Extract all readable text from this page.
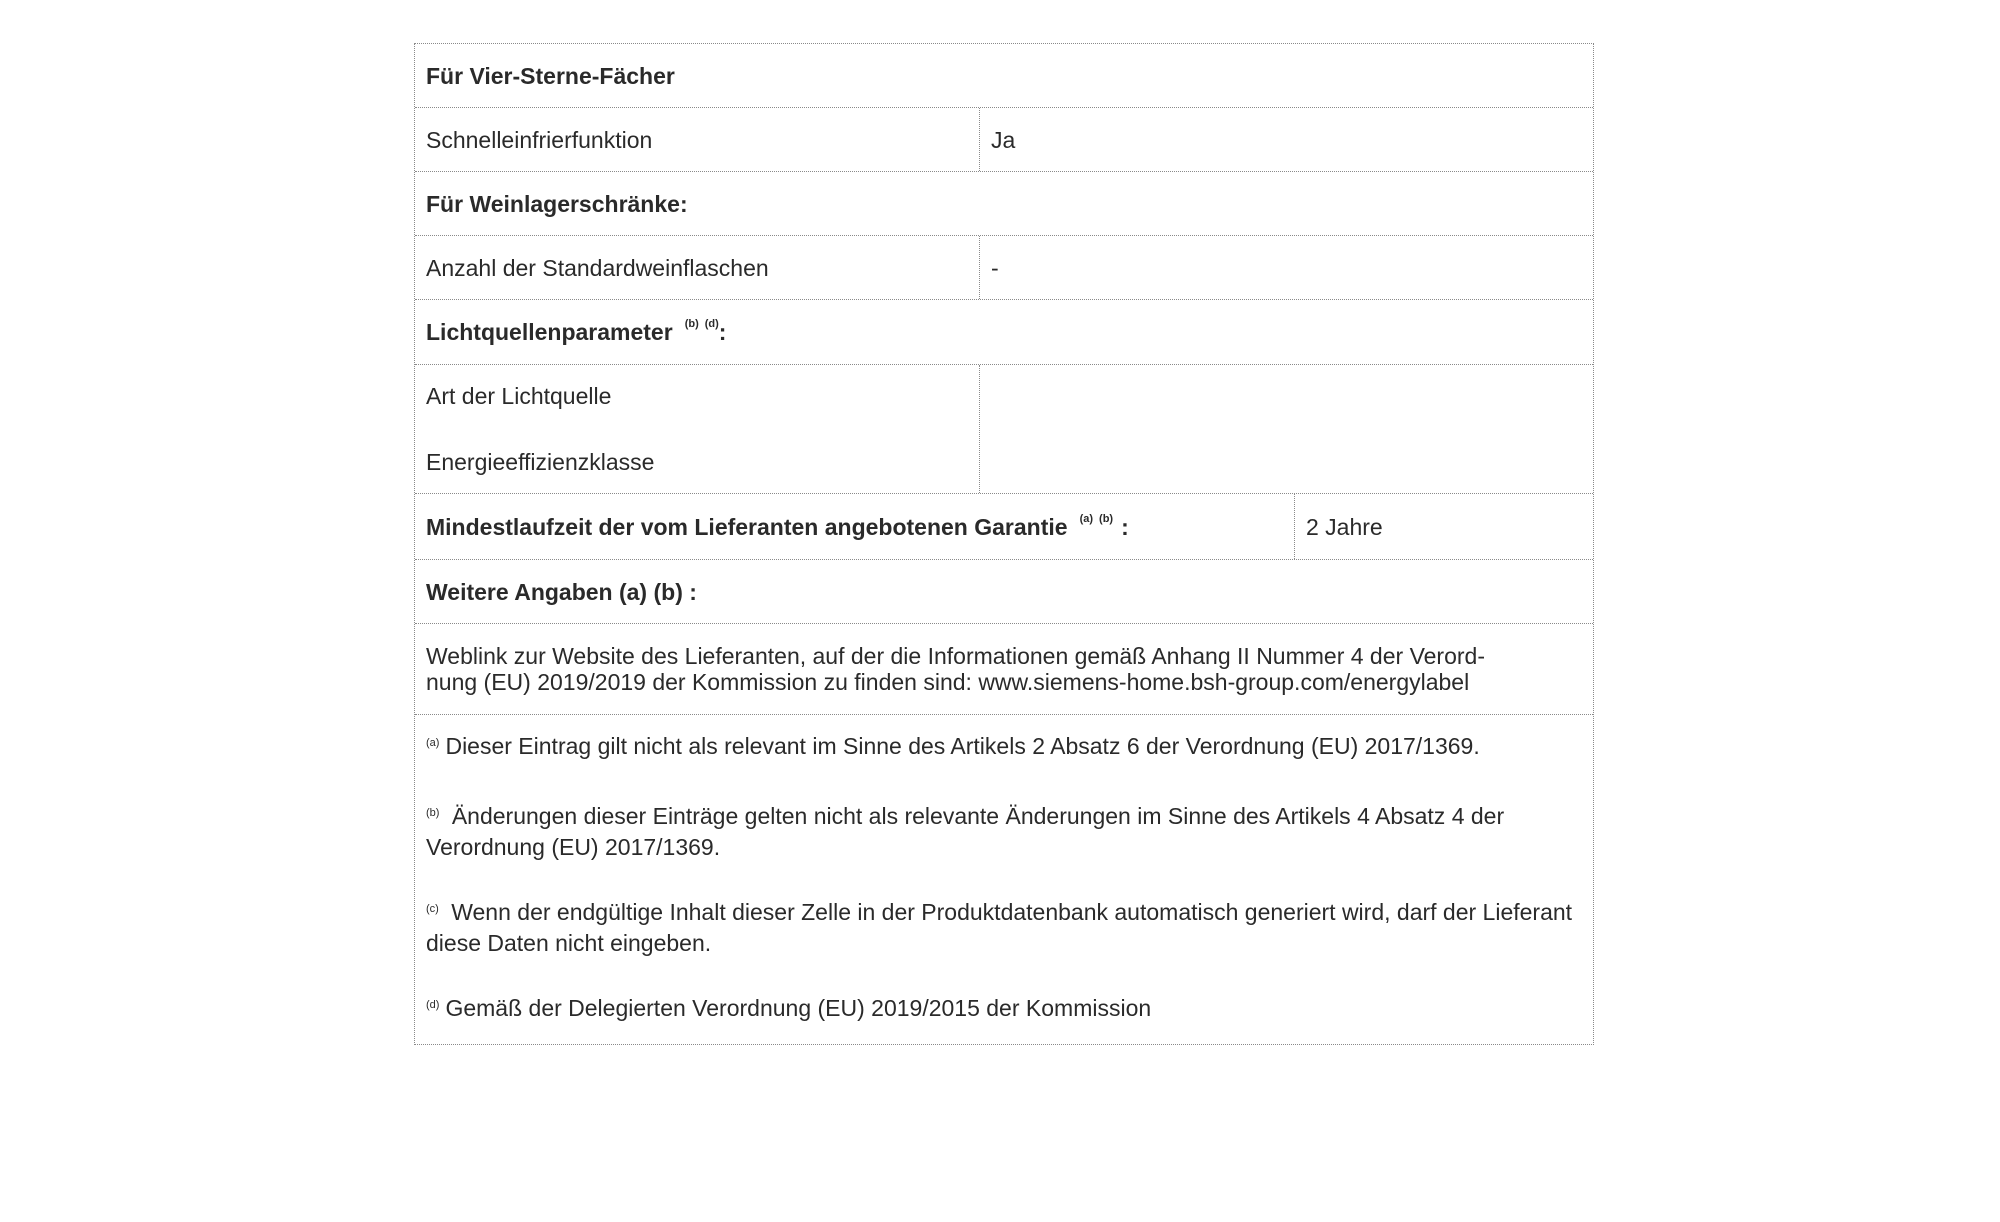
Für Vier-Sterne-Fächer
Schnelleinfrierfunktion	Ja
Für Weinlagerschränke:
Anzahl der Standardweinflaschen	-
Lichtquellenparameter (b) (d) :
Art der Lichtquelle
Energieeffizienzklasse
Mindestlaufzeit der vom Lieferanten angebotenen Garantie (a) (b) :	2 Jahre
Weitere Angaben (a) (b) :
Weblink zur Website des Lieferanten, auf der die Informationen gemäß Anhang II Nummer 4 der Verord-
nung (EU) 2019/2019 der Kommission zu finden sind: www.siemens-home.bsh-group.com/energylabel
$^{(a)}$ Dieser Eintrag gilt nicht als relevant im Sinne des Artikels 2 Absatz 6 der Verordnung (EU) 2017/1369.
$^{(b)}$ Änderungen dieser Einträge gelten nicht als relevante Änderungen im Sinne des Artikels 4 Absatz 4 der Verordnung (EU) 2017/1369.
$^{(c)}$ Wenn der endgültige Inhalt dieser Zelle in der Produktdatenbank automatisch generiert wird, darf der Lieferant diese Daten nicht eingeben.
$^{(d)}$ Gemäß der Delegierten Verordnung (EU) 2019/2015 der Kommission
